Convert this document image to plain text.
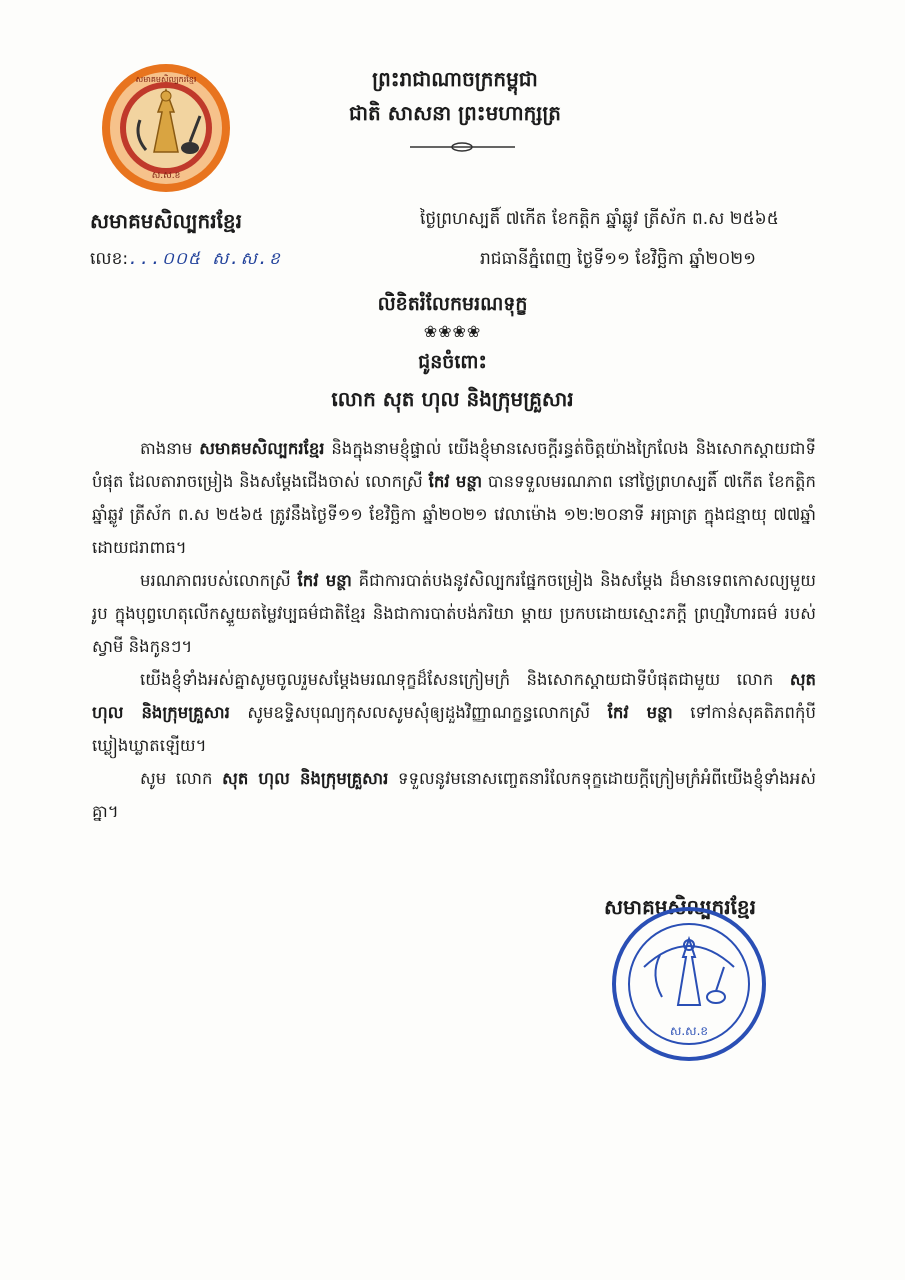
ស.ស.ខ
សមាគមសិល្បករខ្មែរ	ព្រះរាជាណាចក្រកម្ពុជា
ជាតិ សាសនា ព្រះមហាក្សត្រ
សមាគមសិល្បករខ្មែរ
លេខ:...០០៥ ស.ស.ខ
ថ្ងៃព្រហស្បតិ៍ ៧កើត ខែកត្តិក ឆ្នាំឆ្លូវ ត្រីស័ក ព.ស ២៥៦៥
រាជធានីភ្នំពេញ ថ្ងៃទី១១ ខែវិច្ឆិកា ឆ្នាំ២០២១
លិខិតរំលែកមរណទុក្ខ
❀❀❀❀
ជូនចំពោះ
លោក សុត ហុល និងក្រុមគ្រួសារ

តាងនាម សមាគមសិល្បករខ្មែរ និងក្នុងនាមខ្ញុំផ្ទាល់ យើងខ្ញុំមានសេចក្តីរន្ធត់ចិត្តយ៉ាងក្រៃលែង និងសោកស្តាយជាទីបំផុត ដែលតារាចម្រៀង និងសម្តែងជើងចាស់ លោកស្រី កែវ មន្ថា បានទទួលមរណភាព នៅថ្ងៃព្រហស្បតិ៍ ៧កើត ខែកត្តិក ឆ្នាំឆ្លូវ ត្រីស័ក ព.ស ២៥៦៥ ត្រូវនឹងថ្ងៃទី១១ ខែវិច្ឆិកា ឆ្នាំ២០២១ វេលាម៉ោង ១២:២០នាទី អធ្រាត្រ ក្នុងជន្មាយុ ៧៧ឆ្នាំ ដោយជរាពាធ។

មរណភាពរបស់លោកស្រី កែវ មន្ថា គឺជាការបាត់បងនូវសិល្បករផ្នែកចម្រៀង និងសម្តែង ដ៏មានទេពកោសល្យមួយរូប ក្នុងបុព្វហេតុលើកស្ទួយតម្លៃវប្បធម៌ជាតិខ្មែរ និងជាការបាត់បង់ភរិយា ម្តាយ ប្រកបដោយស្មោះភក្តី ព្រហ្មវិហារធម៌ របស់ស្វាមី និងកូនៗ។

យើងខ្ញុំទាំងអស់គ្នាសូមចូលរួមសម្តែងមរណទុក្ខដ៏សែនក្រៀមក្រំ និងសោកស្តាយជាទីបំផុតជាមួយ លោក សុត ហុល និងក្រុមគ្រួសារ សូមឧទ្ទិសបុណ្យកុសលសូមសុំឲ្យដួងវិញ្ញាណក្ខន្ធលោកស្រី កែវ មន្ថា ទៅកាន់សុគតិភពកុំបីឃ្លៀងឃ្លាតឡើយ។

សូម លោក សុត ហុល និងក្រុមគ្រួសារ ទទួលនូវមនោសញ្ចេតនារំលែកទុក្ខដោយក្តីក្រៀមក្រំអំពីយើងខ្ញុំទាំងអស់គ្នា។

សមាគមសិល្បករខ្មែរ
ស.ស.ខ
